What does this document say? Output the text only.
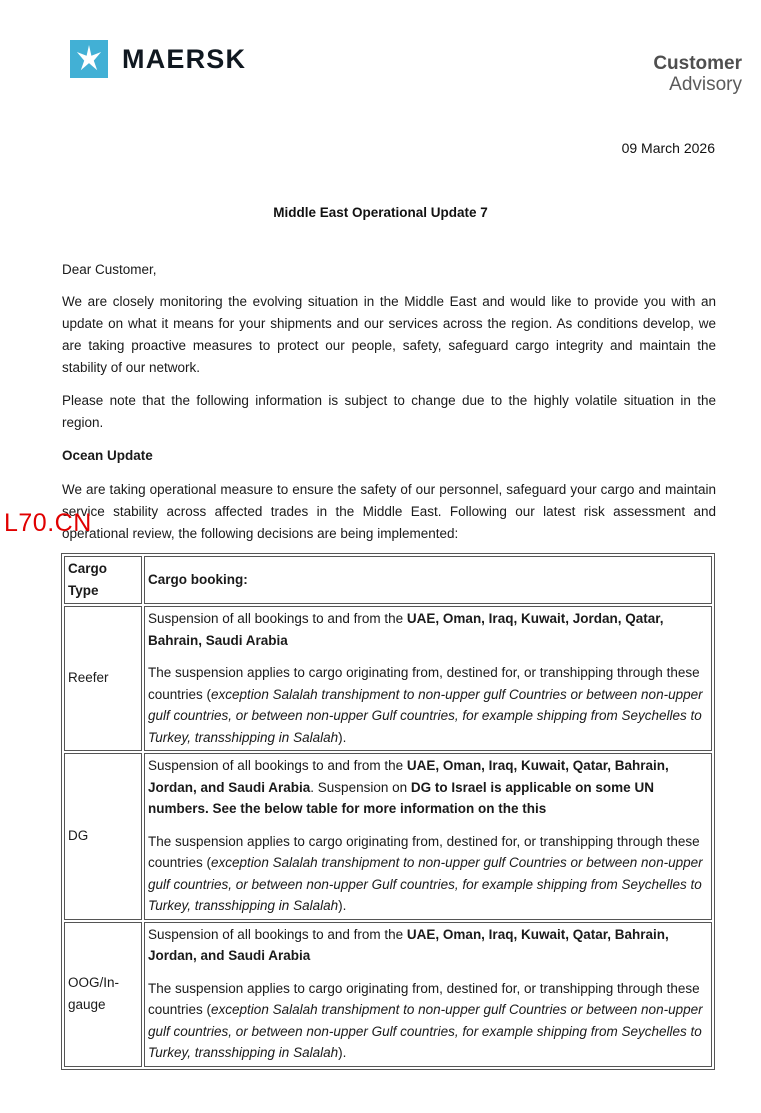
MAERSK	Customer
Advisory
09 March 2026
Middle East Operational Update 7
Dear Customer,

We are closely monitoring the evolving situation in the Middle East and would like to provide you with an update on what it means for your shipments and our services across the region. As conditions develop, we are taking proactive measures to protect our people, safety, safeguard cargo integrity and maintain the stability of our network.

Please note that the following information is subject to change due to the highly volatile situation in the region.

Ocean Update

We are taking operational measure to ensure the safety of our personnel, safeguard your cargo and maintain service stability across affected trades in the Middle East. Following our latest risk assessment and operational review, the following decisions are being implemented:

L70.CN
Cargo Type	Cargo booking:
Reefer	Suspension of all bookings to and from the UAE, Oman, Iraq, Kuwait, Jordan, Qatar, Bahrain, Saudi Arabia

The suspension applies to cargo originating from, destined for, or transhipping through these countries (exception Salalah transhipment to non-upper gulf Countries or between non-upper gulf countries, or between non-upper Gulf countries, for example shipping from Seychelles to Turkey, transshipping in Salalah).

DG	Suspension of all bookings to and from the UAE, Oman, Iraq, Kuwait, Qatar, Bahrain, Jordan, and Saudi Arabia. Suspension on DG to Israel is applicable on some UN numbers. See the below table for more information on the this

The suspension applies to cargo originating from, destined for, or transhipping through these countries (exception Salalah transhipment to non-upper gulf Countries or between non-upper gulf countries, or between non-upper Gulf countries, for example shipping from Seychelles to Turkey, transshipping in Salalah).

OOG/In-gauge	Suspension of all bookings to and from the UAE, Oman, Iraq, Kuwait, Qatar, Bahrain, Jordan, and Saudi Arabia

The suspension applies to cargo originating from, destined for, or transhipping through these countries (exception Salalah transhipment to non-upper gulf Countries or between non-upper gulf countries, or between non-upper Gulf countries, for example shipping from Seychelles to Turkey, transshipping in Salalah).
